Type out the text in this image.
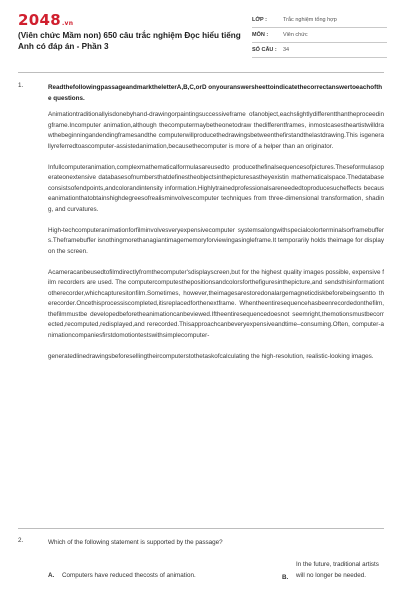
2048.vn
(Viên chức Mầm non) 650 câu trắc nghiệm Đọc hiểu tiếng Anh có đáp án - Phần 3
LỚP :	Trắc nghiệm tổng hợp
MÔN :	Viên chức
SỐ CÂU :	34
1.	ReadthefollowingpassageandmarktheletterA,B,C,orD onyouranswersheettoindicatethecorrectanswertoeachofthe questions.

Animationtraditionallyisdonebyhand-drawingorpaintingsuccessiveframe ofanobject,eachslightlydifferentthantheproceedingframe.Incomputer animation,although thecomputermaybetheonetodraw thedifferentframes, inmostcasestheartistwilldrawthebeginningandendingframesandthe computerwillproducethedrawingsbetweenthefirstandthelastdrawing.This isgenerallyreferredtoascomputer-assistedanimation,becausethecomputer is more of a helper than an originator.

Infullcomputeranimation,complexmathematicalformulasareusedto producethefinalsequencesofpictures.Theseformulasoperateonextensive databasesofnumbersthatdefinestheobjectsinthepicturesastheyexistin mathematicalspace.Thedatabaseconsistsofendpoints,andcolorandintensity information.Highlytrainedprofessionalsareneededtoproducesucheffects becauseanimationthatobtainshighdegreesofrealisminvolvescomputer techniques from three-dimensional transformation, shading, and curvatures.

High-techcomputeranimationforfilminvolvesveryexpensivecomputer systemsalongwithspecialcolorterminalsorframebuffers.Theframebuffer isnothingmorethanagiantimagememoryforviewingasingleframe.It temporarily holds theimage for display on the screen.

Acameracanbeusedtofilmdirectlyfromthecomputer'sdisplayscreen,but for the highest quality images possible, expensive film recorders are used. The computercomputesthepositionsandcolorsforthefiguresinthepicture,and sendsthisinformationtotherecorder,whichcapturesitonfilm.Sometimes, however,theimagesarestoredonalargemagneticdiskbeforebeingsentto therecorder.Oncethisprocessiscompleted,itisreplacedforthenextframe. Whentheentiresequencehasbeenrecordedonthefilm,thefilmmustbe developedbeforetheanimationcanbeviewed.Iftheentiresequencedoesnot seemright,themotionsmustbecorrected,recomputed,redisplayed,and rerecorded.Thisapproachcanbeveryexpensiveandtime–consuming.Often, computer-animationcompaniesfirstdomotiontestswithsimplecomputer-

generatedlinedrawingsbeforesellingtheircomputerstothetaskofcalculating the high-resolution, realistic-looking images.

2.	Which of the following statement is supported by the passage?
A. Computers have reduced thecosts of animation.	B.
In the future, traditional artists will no longer be needed.
